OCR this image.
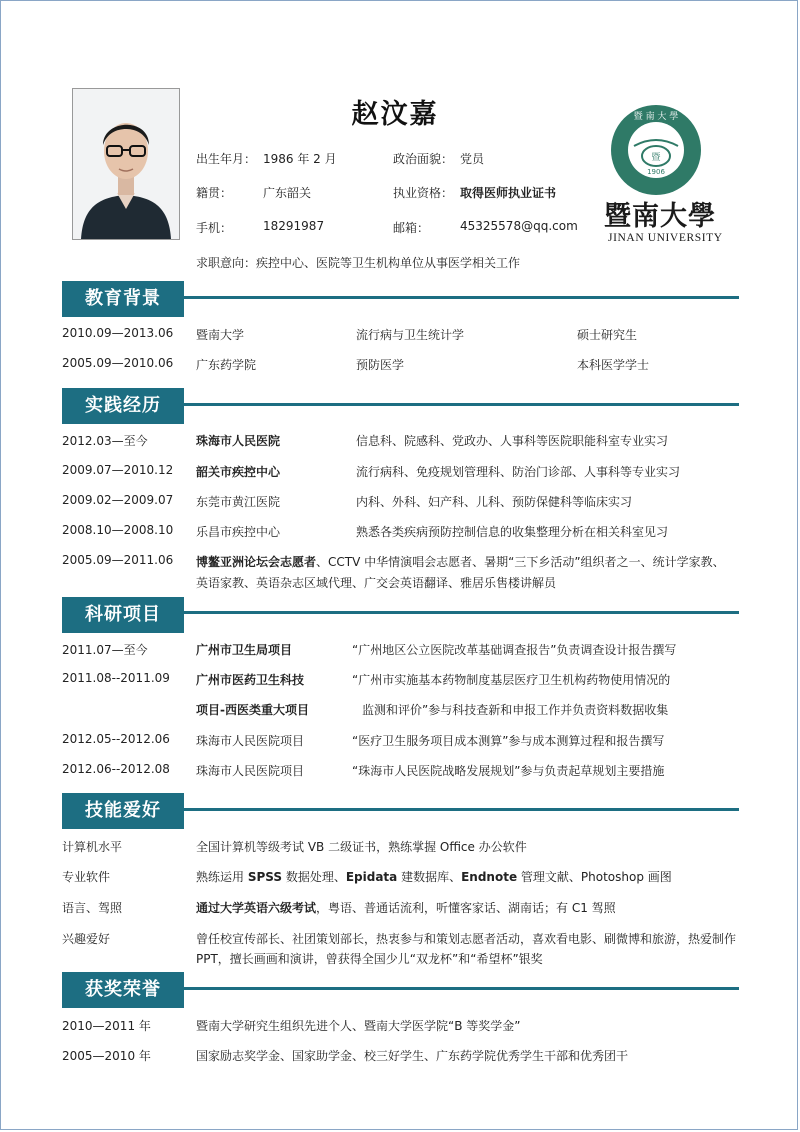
赵汶嘉
出生年月： 1986 年 2 月	政治面貌： 党员
籍贯：	广东韶关	执业资格： 取得医师执业证书
手机：	18291987	邮箱：	45325578@qq.com
求职意向：疾控中心、医院等卫生机构单位从事医学相关工作
暨
1906
暨 南 大 學
暨南大學
JINAN UNIVERSITY
教育背景
2010.09—2013.06 暨南大学	流行病与卫生统计学	硕士研究生
2005.09—2010.06 广东药学院	预防医学	本科医学学士
实践经历
2012.03—至今	珠海市人民医院	信息科、院感科、党政办、人事科等医院职能科室专业实习
2009.07—2010.12 韶关市疾控中心	流行病科、免疫规划管理科、防治门诊部、人事科等专业实习
2009.02—2009.07 东莞市黄江医院	内科、外科、妇产科、儿科、预防保健科等临床实习
2008.10—2008.10 乐昌市疾控中心	熟悉各类疾病预防控制信息的收集整理分析在相关科室见习
2005.09—2011.06 博鳌亚洲论坛会志愿者、CCTV 中华情演唱会志愿者、暑期“三下乡活动”组织者之一、统计学家教、
英语家教、英语杂志区域代理、广交会英语翻译、雅居乐售楼讲解员
科研项目
2011.07—至今	广州市卫生局项目	“广州地区公立医院改革基础调查报告”负责调查设计报告撰写
2011.08--2011.09 广州市医药卫生科技	“广州市实施基本药物制度基层医疗卫生机构药物使用情况的
项目-西医类重大项目	监测和评价”参与科技查新和申报工作并负责资料数据收集
2012.05--2012.06 珠海市人民医院项目	“医疗卫生服务项目成本测算”参与成本测算过程和报告撰写
2012.06--2012.08 珠海市人民医院项目	“珠海市人民医院战略发展规划”参与负责起草规划主要措施
技能爱好
计算机水平	全国计算机等级考试 VB 二级证书，熟练掌握 Office 办公软件
专业软件	熟练运用 SPSS 数据处理、Epidata 建数据库、Endnote 管理文献、Photoshop 画图
语言、驾照	通过大学英语六级考试，粤语、普通话流利，听懂客家话、湖南话；有 C1 驾照
兴趣爱好	曾任校宣传部长、社团策划部长，热衷参与和策划志愿者活动，喜欢看电影、刷微博和旅游，热爱制作
PPT，擅长画画和演讲，曾获得全国少儿“双龙杯”和“希望杯”银奖
获奖荣誉
2010—2011 年	暨南大学研究生组织先进个人、暨南大学医学院“B 等奖学金”
2005—2010 年	国家励志奖学金、国家助学金、校三好学生、广东药学院优秀学生干部和优秀团干
